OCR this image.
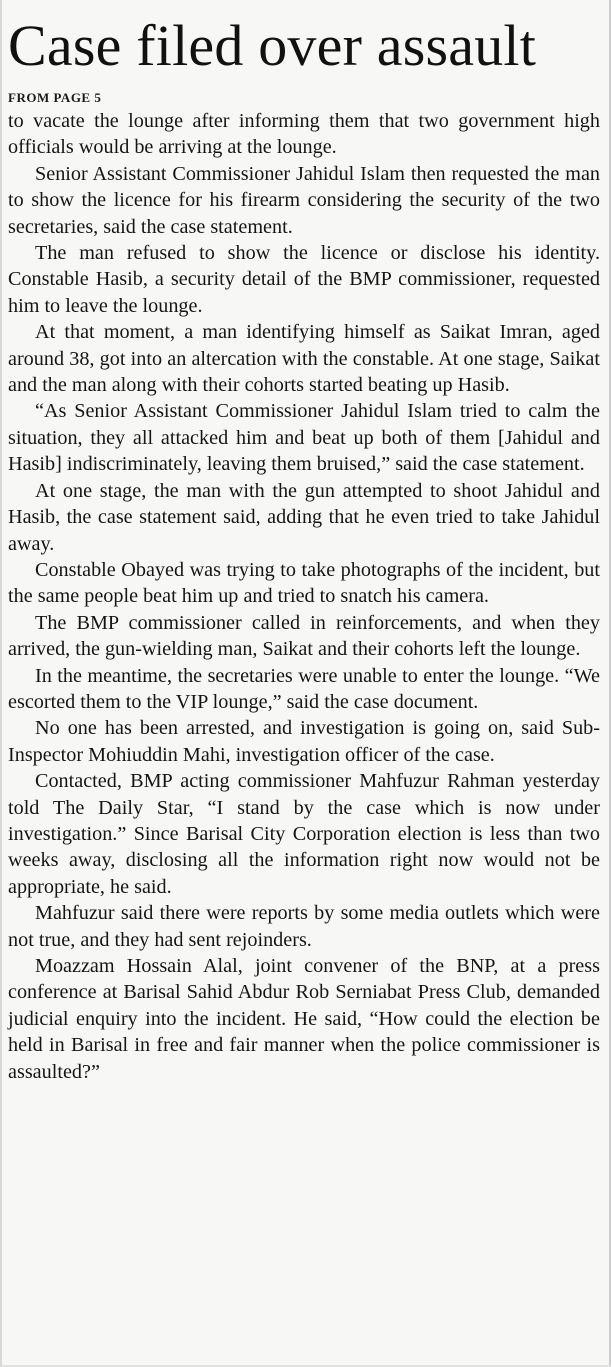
Case filed over assault
FROM PAGE 5

to vacate the lounge after informing them that two government high officials would be arriving at the lounge.

Senior Assistant Commissioner Jahidul Islam then requested the man to show the licence for his firearm considering the security of the two secretaries, said the case statement.

The man refused to show the licence or disclose his identity. Constable Hasib, a security detail of the BMP commissioner, requested him to leave the lounge.

At that moment, a man identifying himself as Saikat Imran, aged around 38, got into an altercation with the constable. At one stage, Saikat and the man along with their cohorts started beating up Hasib.

“As Senior Assistant Commissioner Jahidul Islam tried to calm the situation, they all attacked him and beat up both of them [Jahidul and Hasib] indiscriminately, leaving them bruised,” said the case statement.

At one stage, the man with the gun attempted to shoot Jahidul and Hasib, the case statement said, adding that he even tried to take Jahidul away.

Constable Obayed was trying to take photographs of the incident, but the same people beat him up and tried to snatch his camera.

The BMP commissioner called in reinforcements, and when they arrived, the gun-wielding man, Saikat and their cohorts left the lounge.

In the meantime, the secretaries were unable to enter the lounge. “We escorted them to the VIP lounge,” said the case document.

No one has been arrested, and investigation is going on, said Sub-Inspector Mohiuddin Mahi, investigation officer of the case.

Contacted, BMP acting commissioner Mahfuzur Rahman yesterday told The Daily Star, “I stand by the case which is now under investigation.” Since Barisal City Corporation election is less than two weeks away, disclosing all the information right now would not be appropriate, he said.

Mahfuzur said there were reports by some media outlets which were not true, and they had sent rejoinders.

Moazzam Hossain Alal, joint convener of the BNP, at a press conference at Barisal Sahid Abdur Rob Serniabat Press Club, demanded judicial enquiry into the incident. He said, “How could the election be held in Barisal in free and fair manner when the police commissioner is assaulted?”
